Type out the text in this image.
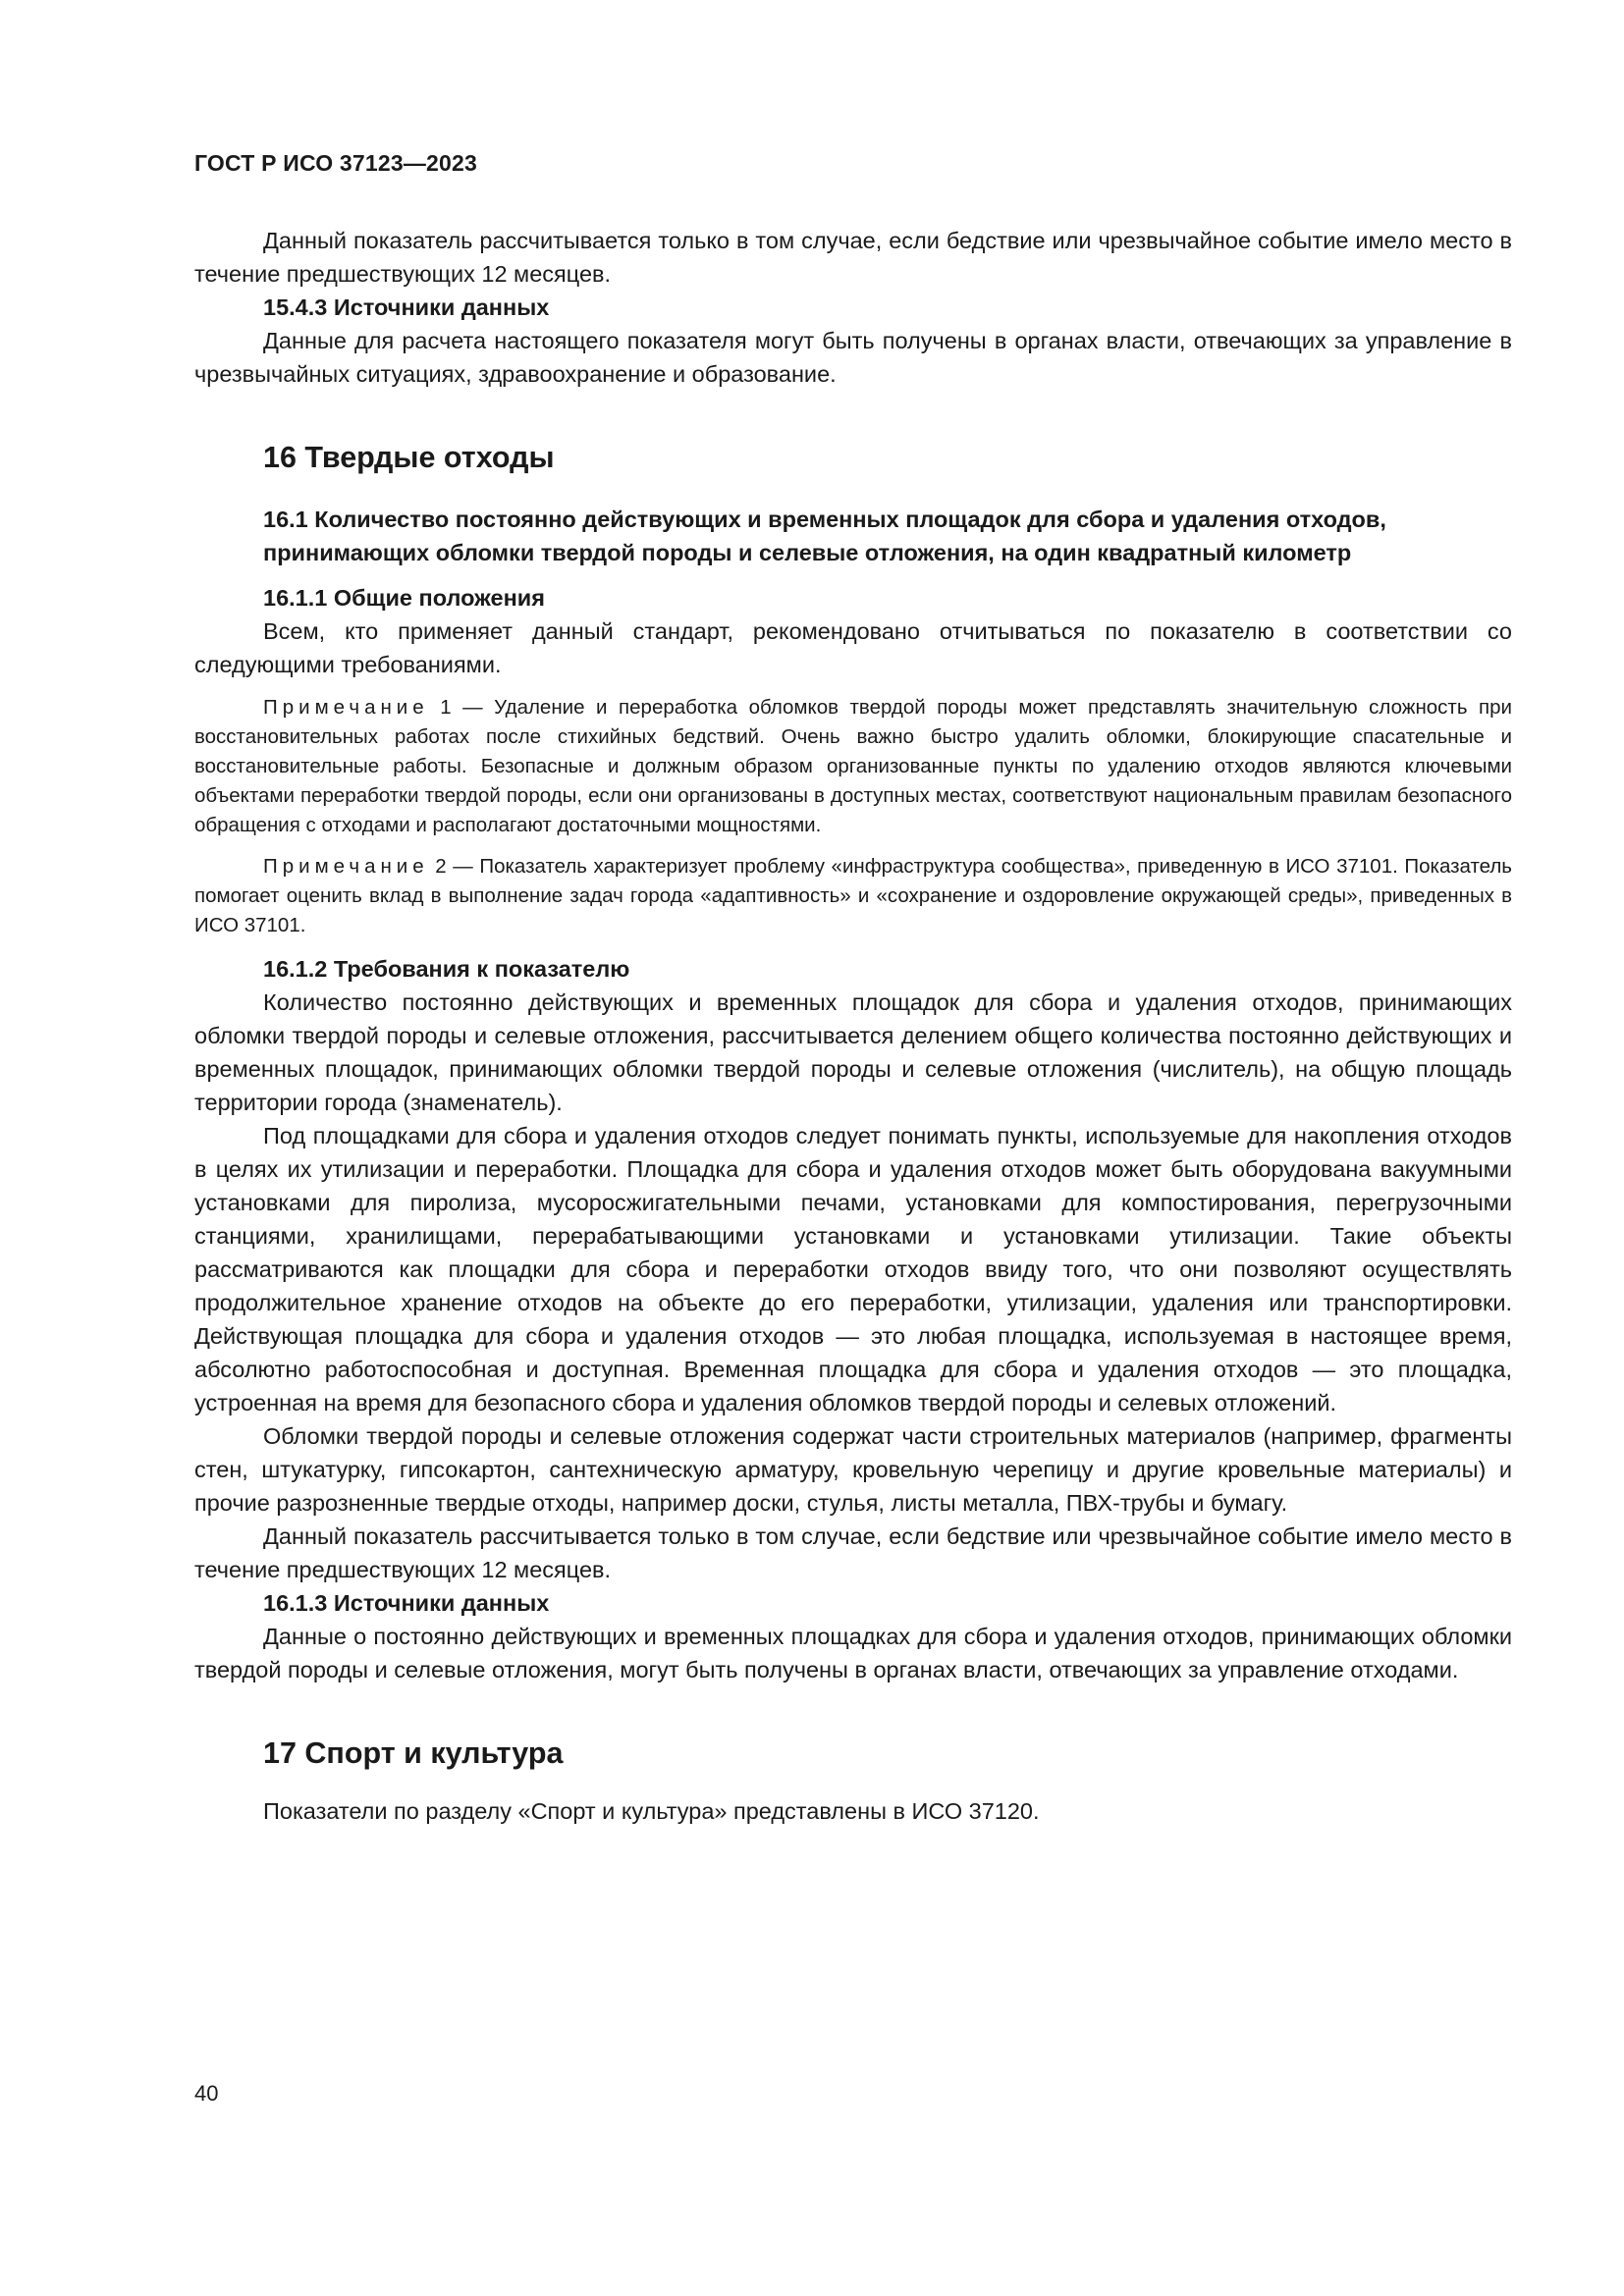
ГОСТ Р ИСО 37123—2023

Данный показатель рассчитывается только в том случае, если бедствие или чрезвычайное событие имело место в течение предшествующих 12 месяцев.

15.4.3 Источники данных

Данные для расчета настоящего показателя могут быть получены в органах власти, отвечающих за управление в чрезвычайных ситуациях, здравоохранение и образование.

16 Твердые отходы

16.1 Количество постоянно действующих и временных площадок для сбора и удаления отходов, принимающих обломки твердой породы и селевые отложения, на один квадратный километр

16.1.1 Общие положения

Всем, кто применяет данный стандарт, рекомендовано отчитываться по показателю в соответствии со следующими требованиями.

Примечание 1 — Удаление и переработка обломков твердой породы может представлять значительную сложность при восстановительных работах после стихийных бедствий. Очень важно быстро удалить обломки, блокирующие спасательные и восстановительные работы. Безопасные и должным образом организованные пункты по удалению отходов являются ключевыми объектами переработки твердой породы, если они организованы в доступных местах, соответствуют национальным правилам безопасного обращения с отходами и располагают достаточными мощностями.

Примечание 2 — Показатель характеризует проблему «инфраструктура сообщества», приведенную в ИСО 37101. Показатель помогает оценить вклад в выполнение задач города «адаптивность» и «сохранение и оздоровление окружающей среды», приведенных в ИСО 37101.

16.1.2 Требования к показателю

Количество постоянно действующих и временных площадок для сбора и удаления отходов, принимающих обломки твердой породы и селевые отложения, рассчитывается делением общего количества постоянно действующих и временных площадок, принимающих обломки твердой породы и селевые отложения (числитель), на общую площадь территории города (знаменатель).

Под площадками для сбора и удаления отходов следует понимать пункты, используемые для накопления отходов в целях их утилизации и переработки. Площадка для сбора и удаления отходов может быть оборудована вакуумными установками для пиролиза, мусоросжигательными печами, установками для компостирования, перегрузочными станциями, хранилищами, перерабатывающими установками и установками утилизации. Такие объекты рассматриваются как площадки для сбора и переработки отходов ввиду того, что они позволяют осуществлять продолжительное хранение отходов на объекте до его переработки, утилизации, удаления или транспортировки. Действующая площадка для сбора и удаления отходов — это любая площадка, используемая в настоящее время, абсолютно работоспособная и доступная. Временная площадка для сбора и удаления отходов — это площадка, устроенная на время для безопасного сбора и удаления обломков твердой породы и селевых отложений.

Обломки твердой породы и селевые отложения содержат части строительных материалов (например, фрагменты стен, штукатурку, гипсокартон, сантехническую арматуру, кровельную черепицу и другие кровельные материалы) и прочие разрозненные твердые отходы, например доски, стулья, листы металла, ПВХ-трубы и бумагу.

Данный показатель рассчитывается только в том случае, если бедствие или чрезвычайное событие имело место в течение предшествующих 12 месяцев.

16.1.3 Источники данных

Данные о постоянно действующих и временных площадках для сбора и удаления отходов, принимающих обломки твердой породы и селевые отложения, могут быть получены в органах власти, отвечающих за управление отходами.

17 Спорт и культура

Показатели по разделу «Спорт и культура» представлены в ИСО 37120.

40
